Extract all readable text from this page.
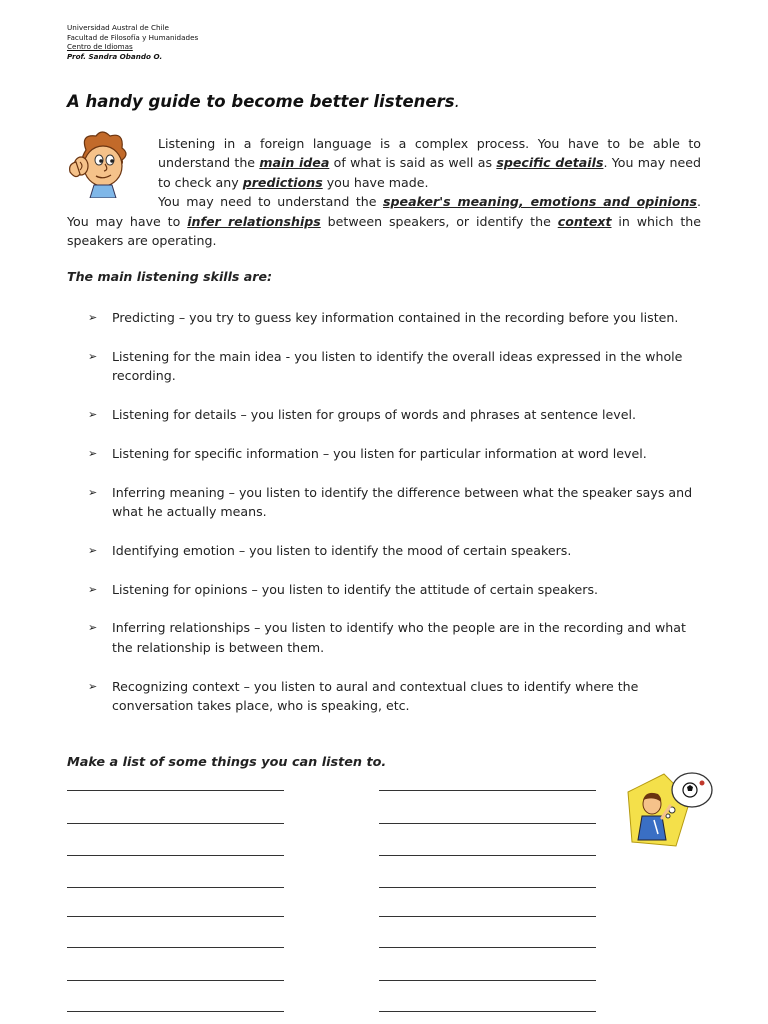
Universidad Austral de Chile
Facultad de Filosofía y Humanidades
Centro de Idiomas
Prof. Sandra Obando O.
A handy guide to become better listeners.

Listening in a foreign language is a complex process. You have to be able to understand the main idea of what is said as well as specific details. You may need to check any predictions you have made.

You may need to understand the speaker's meaning, emotions and opinions. You may have to infer relationships between speakers, or identify the context in which the speakers are operating.

The main listening skills are:
➢ Predicting – you try to guess key information contained in the recording before you listen.
➢ Listening for the main idea - you listen to identify the overall ideas expressed in the whole recording.
➢ Listening for details – you listen for groups of words and phrases at sentence level.
➢ Listening for specific information – you listen for particular information at word level.
➢ Inferring meaning – you listen to identify the difference between what the speaker says and what he actually means.
➢ Identifying emotion – you listen to identify the mood of certain speakers.
➢ Listening for opinions – you listen to identify the attitude of certain speakers.
➢ Inferring relationships – you listen to identify who the people are in the recording and what the relationship is between them.
➢ Recognizing context – you listen to aural and contextual clues to identify where the conversation takes place, who is speaking, etc.
Make a list of some things you can listen to.
